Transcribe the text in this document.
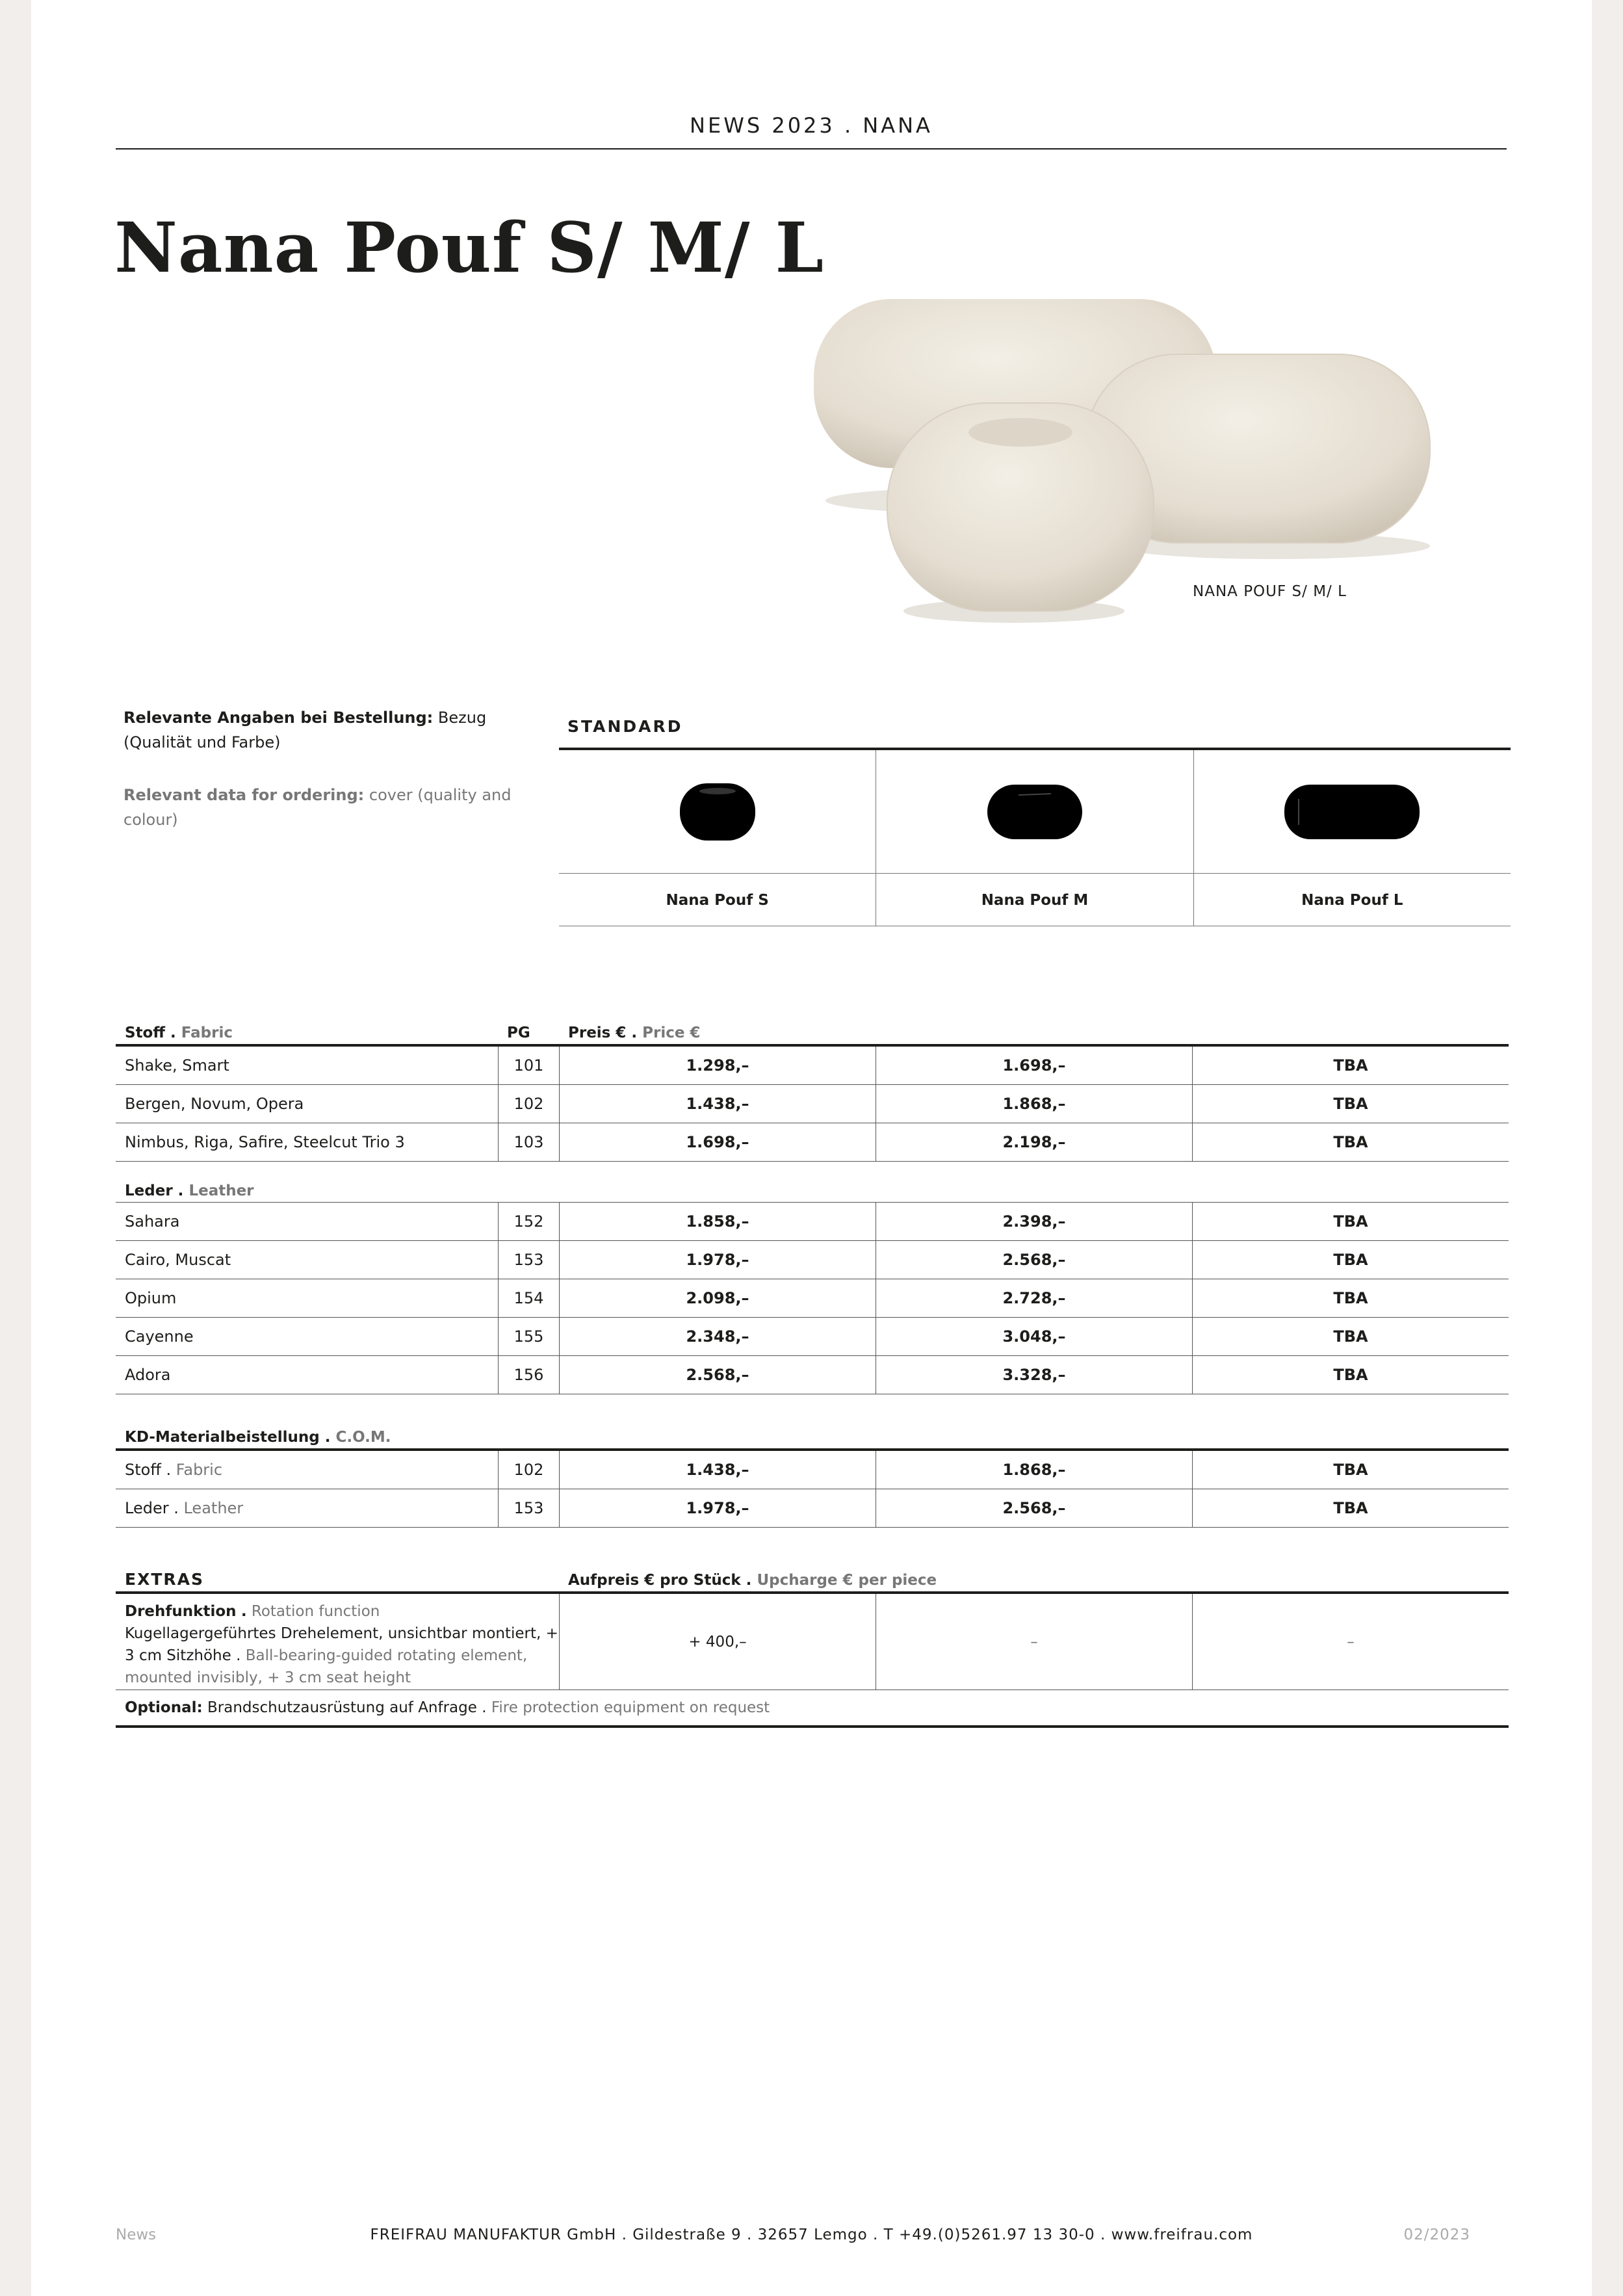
NEWS 2023 . NANA
Nana Pouf S/ M/ L
NANA POUF S/ M/ L
Relevante Angaben bei Bestellung: Bezug (Qualität und Farbe)
Relevant data for ordering: cover (quality and colour)
STANDARD
Nana Pouf S	Nana Pouf M	Nana Pouf L
Stoff . Fabric	PG	Preis € . Price €
Shake, Smart	101	1.298,–	1.698,–	TBA
Bergen, Novum, Opera	102	1.438,–	1.868,–	TBA
Nimbus, Riga, Safire, Steelcut Trio 3	103	1.698,–	2.198,–	TBA
Leder . Leather
Sahara	152	1.858,–	2.398,–	TBA
Cairo, Muscat	153	1.978,–	2.568,–	TBA
Opium	154	2.098,–	2.728,–	TBA
Cayenne	155	2.348,–	3.048,–	TBA
Adora	156	2.568,–	3.328,–	TBA
KD-Materialbeistellung . C.O.M.
Stoff . Fabric	102	1.438,–	1.868,–	TBA
Leder . Leather	153	1.978,–	2.568,–	TBA
EXTRAS	Aufpreis € pro Stück . Upcharge € per piece
Drehfunktion . Rotation function
Kugellagergeführtes Drehelement, unsichtbar montiert, + 3 cm Sitzhöhe . Ball-bearing-guided rotating element, mounted invisibly, + 3 cm seat height
+ 400,–	–	–
Optional:
Brandschutzausrüstung auf Anfrage . Fire protection equipment on request
News	FREIFRAU MANUFAKTUR GmbH . Gildestraße 9 . 32657 Lemgo . T +49.(0)5261.97 13 30-0 . www.freifrau.com	02/2023
